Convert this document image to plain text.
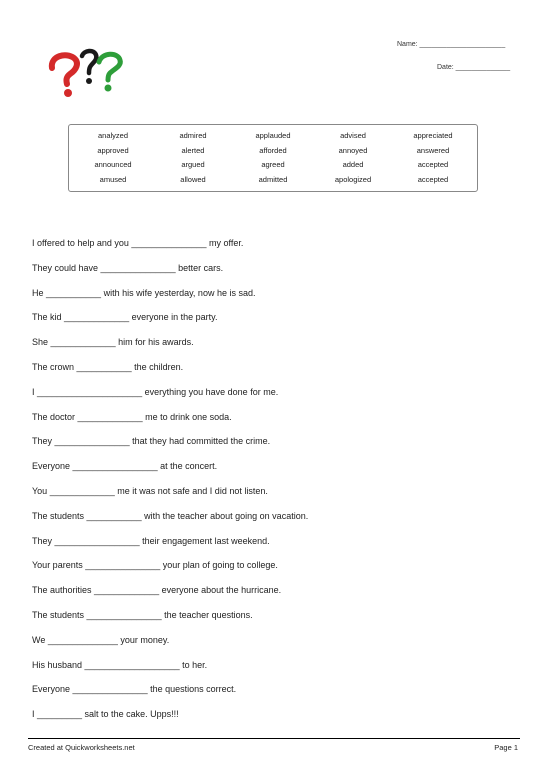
Name: ______________________
Date: ______________
analyzed	admired	applauded	advised	appreciated
approved	alerted	afforded	annoyed	answered
announced	argued	agreed	added	accepted
amused	allowed	admitted	apologized	accepted
I offered to help and you _______________ my offer.
They could have _______________ better cars.
He ___________ with his wife yesterday, now he is sad.
The kid _____________ everyone in the party.
She _____________ him for his awards.
The crown ___________ the children.
I _____________________ everything you have done for me.
The doctor _____________ me to drink one soda.
They _______________ that they had committed the crime.
Everyone _________________ at the concert.
You _____________ me it was not safe and I did not listen.
The students ___________ with the teacher about going on vacation.
They _________________ their engagement last weekend.
Your parents _______________ your plan of going to college.
The authorities _____________ everyone about the hurricane.
The students _______________ the teacher questions.
We ______________ your money.
His husband ___________________ to her.
Everyone _______________ the questions correct.
I _________ salt to the cake. Upps!!!
Created at Quickworksheets.net	Page 1
